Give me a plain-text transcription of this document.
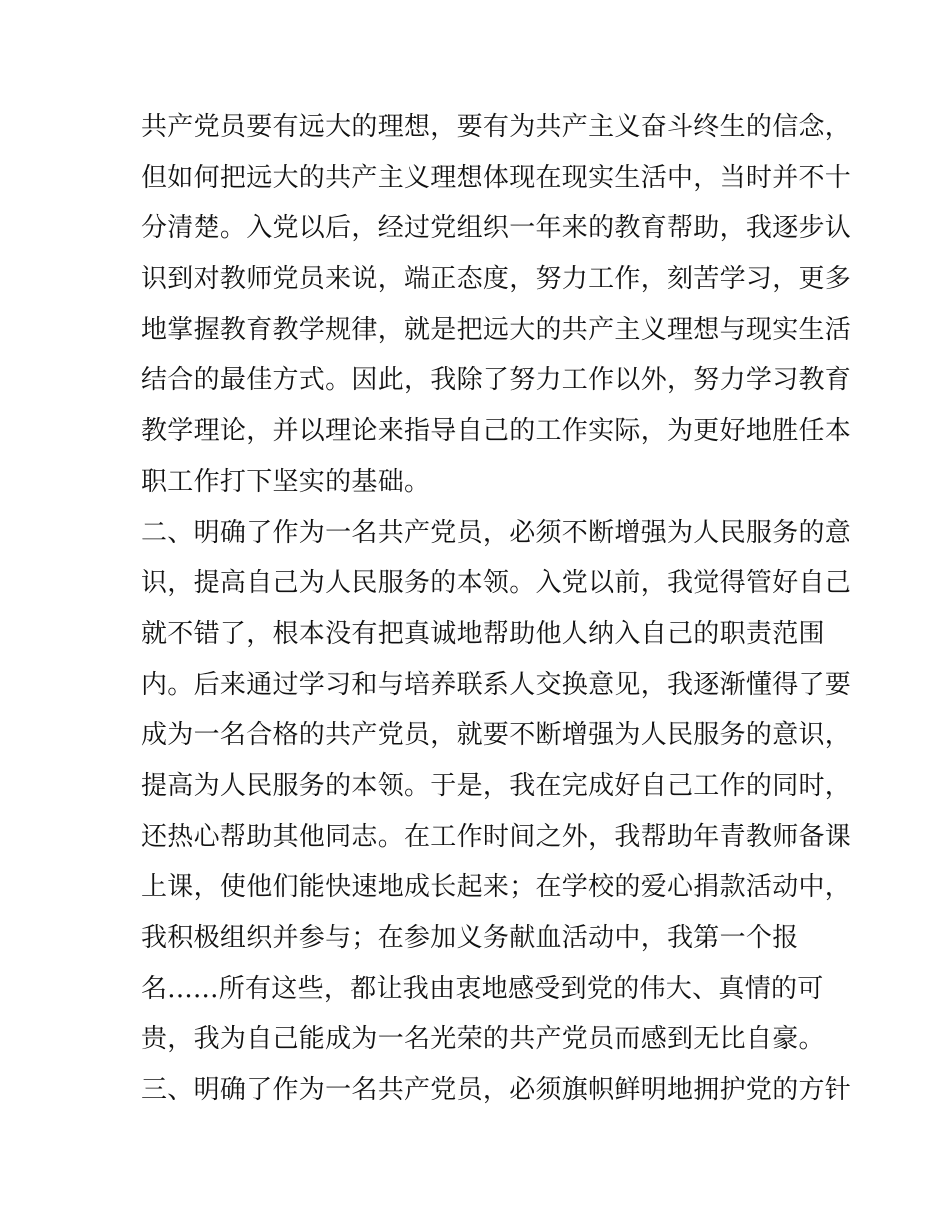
共产党员要有远大的理想，要有为共产主义奋斗终生的信念，
但如何把远大的共产主义理想体现在现实生活中，当时并不十
分清楚。入党以后，经过党组织一年来的教育帮助，我逐步认
识到对教师党员来说，端正态度，努力工作，刻苦学习，更多
地掌握教育教学规律，就是把远大的共产主义理想与现实生活
结合的最佳方式。因此，我除了努力工作以外，努力学习教育
教学理论，并以理论来指导自己的工作实际，为更好地胜任本
职工作打下坚实的基础。
二、明确了作为一名共产党员，必须不断增强为人民服务的意
识，提高自己为人民服务的本领。入党以前，我觉得管好自己
就不错了，根本没有把真诚地帮助他人纳入自己的职责范围
内。后来通过学习和与培养联系人交换意见，我逐渐懂得了要
成为一名合格的共产党员，就要不断增强为人民服务的意识，
提高为人民服务的本领。于是，我在完成好自己工作的同时，
还热心帮助其他同志。在工作时间之外，我帮助年青教师备课
上课，使他们能快速地成长起来；在学校的爱心捐款活动中，
我积极组织并参与；在参加义务献血活动中，我第一个报
名......所有这些，都让我由衷地感受到党的伟大、真情的可
贵，我为自己能成为一名光荣的共产党员而感到无比自豪。
三、明确了作为一名共产党员，必须旗帜鲜明地拥护党的方针
